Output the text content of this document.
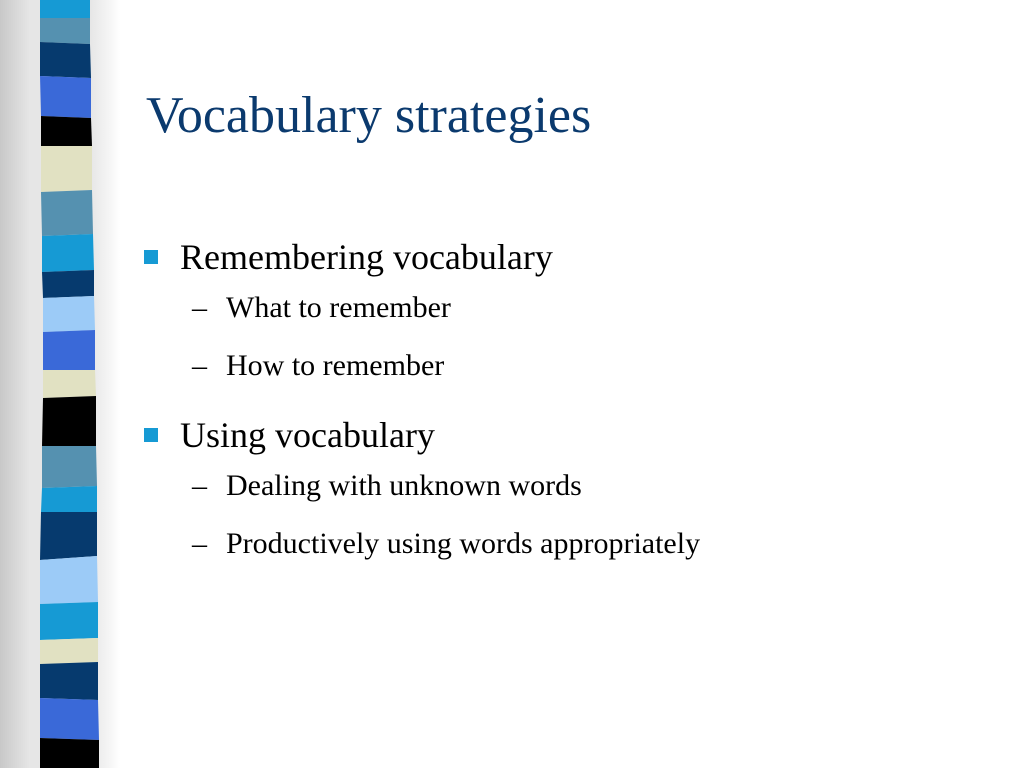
Vocabulary strategies
Remembering vocabulary
– What to remember
– How to remember
Using vocabulary
– Dealing with unknown words
– Productively using words appropriately
